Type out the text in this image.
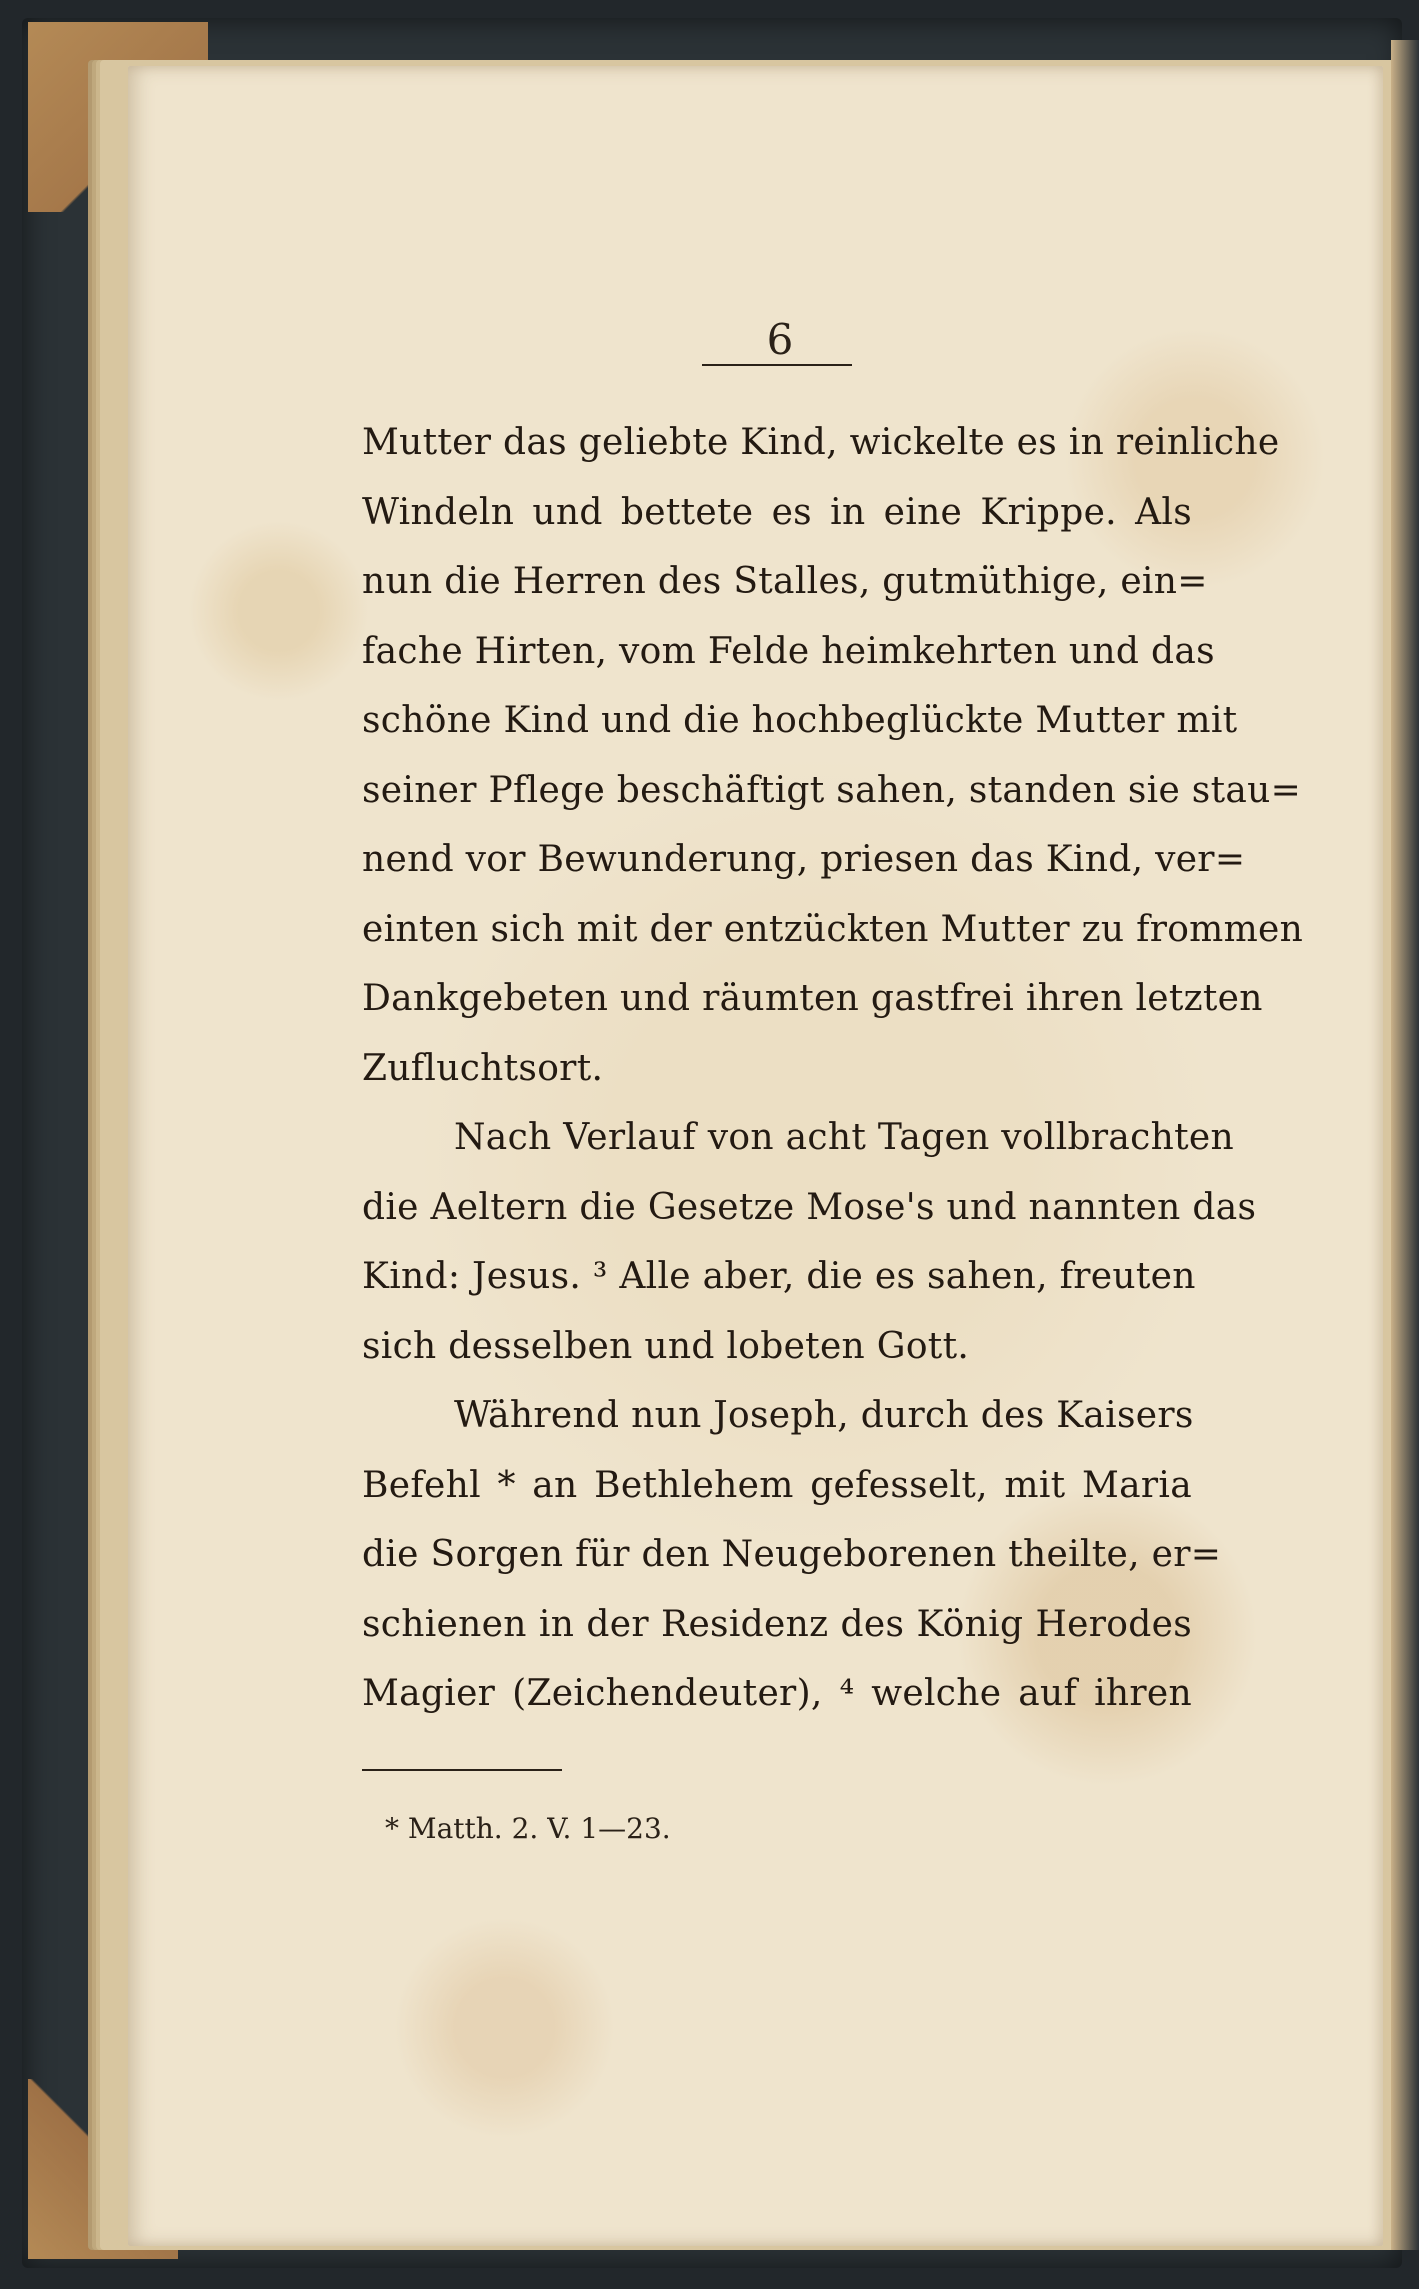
6

Mutter das geliebte Kind, wickelte es in reinliche
Windeln und bettete es in eine Krippe. Als
nun die Herren des Stalles, gutmüthige, ein=
fache Hirten, vom Felde heimkehrten und das
schöne Kind und die hochbeglückte Mutter mit
seiner Pflege beschäftigt sahen, standen sie stau=
nend vor Bewunderung, priesen das Kind, ver=
einten sich mit der entzückten Mutter zu frommen
Dankgebeten und räumten gastfrei ihren letzten
Zufluchtsort.
Nach Verlauf von acht Tagen vollbrachten
die Aeltern die Gesetze Mose's und nannten das
Kind: Jesus. ³ Alle aber, die es sahen, freuten
sich desselben und lobeten Gott.
Während nun Joseph, durch des Kaisers
Befehl * an Bethlehem gefesselt, mit Maria
die Sorgen für den Neugeborenen theilte, er=
schienen in der Residenz des König Herodes
Magier (Zeichendeuter), ⁴ welche auf ihren
* Matth. 2. V. 1—23.
